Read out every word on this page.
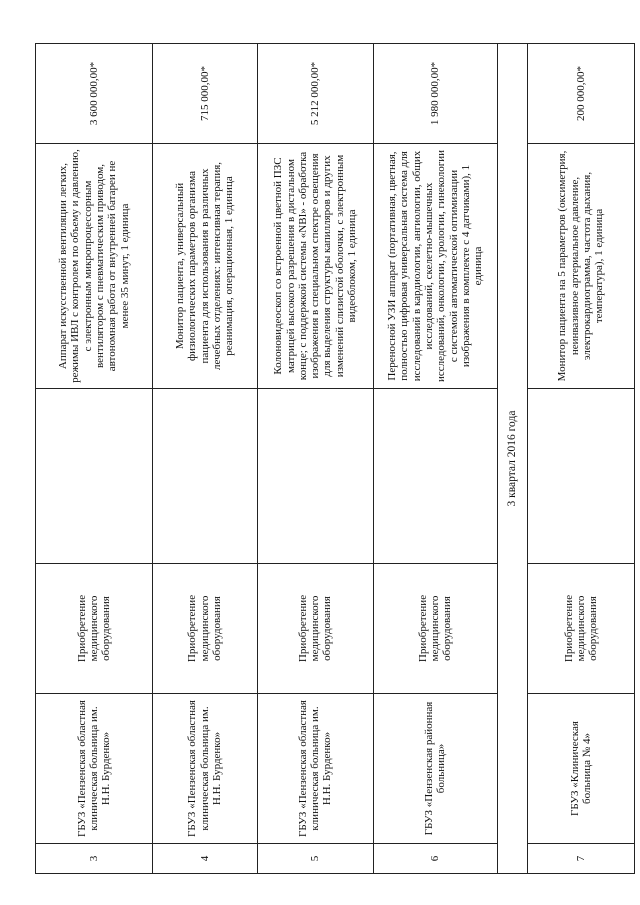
3	ГБУЗ «Пензенская областная клиническая больница им. Н.Н. Бурденко»	Приобретение медицинского оборудования		Аппарат искусственной вентиляции легких, режимы ИВЛ с контролем по объему и давлению, с электронным микропроцессорным вентилятором с пневматическим приводом, автономная работа от внутренней батареи не менее 35 минут, 1 единица	3 600 000,00*
4	ГБУЗ «Пензенская областная клиническая больница им. Н.Н. Бурденко»	Приобретение медицинского оборудования		Монитор пациента, универсальный физиологических параметров организма пациента для использования в различных лечебных отделениях: интенсивная терапия, реанимация, операционная, 1 единица	715 000,00*
5	ГБУЗ «Пензенская областная клиническая больница им. Н.Н. Бурденко»	Приобретение медицинского оборудования		Колоновидеоскоп со встроенной цветной ПЗС матрицей высокого разрешения в дистальном конце; с поддержкой системы «NBI» - обработка изображения в специальном спектре освещения для выделения структуры капилляров и других изменений слизистой оболочки, с электронным видеоблоком, 1 единица	5 212 000,00*
6	ГБУЗ «Пензенская районная больница»	Приобретение медицинского оборудования		Переносной УЗИ аппарат (портативная, цветная, полностью цифровая универсальная система для исследований в кардиологии, ангиологии, общих исследований, скелетно-мышечных исследований, онкологии, урологии, гинекологии с системой автоматической оптимизации изображения в комплекте с 4 датчиками), 1 единица	1 980 000,00*
3 квартал 2016 года					
7	ГБУЗ «Клиническая больница № 4»	Приобретение медицинского оборудования		Монитор пациента на 5 параметров (оксиметрия, неинвазивное артериальное давление, электрокардиограмма, частота дыхания, температура), 1 единица	200 000,00*
